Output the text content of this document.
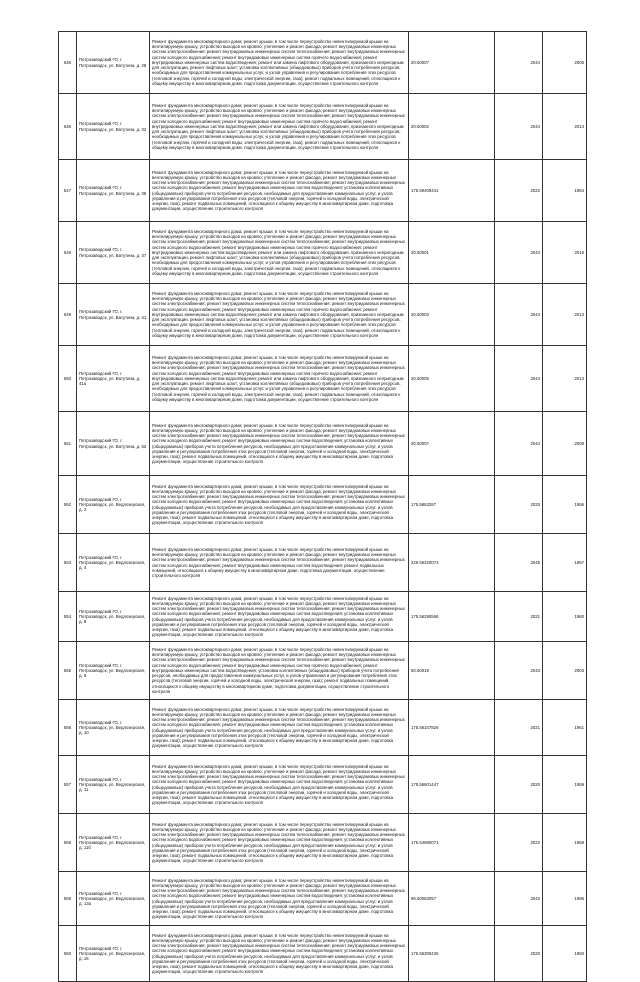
546	Петрозаводский ГО, г. Петрозаводск, ул. Ватутина, д. 28	Ремонт фундамента многоквартирного дома; ремонт крыши, в том числе переустройство невентилируемой крыши на вентилируемую крышу, устройство выходов на кровлю; утепление и ремонт фасада; ремонт внутридомовых инженерных систем электроснабжения; ремонт внутридомовых инженерных систем теплоснабжения; ремонт внутридомовых инженерных систем холодного водоснабжения; ремонт внутридомовых инженерных систем горячего водоснабжения; ремонт внутридомовых инженерных систем водоотведения; ремонт или замена лифтового оборудования, признанного непригодным для эксплуатации, ремонт лифтовых шахт; установка коллективных (общедомовых) приборов учета потребления ресурсов, необходимых для предоставления коммунальных услуг, и узлов управления и регулирования потребления этих ресурсов (тепловой энергии, горячей и холодной воды, электрической энергии, газа); ремонт подвальных помещений, относящихся к общему имуществу в многоквартирном доме, подготовка документации, осуществление строительного контроля	20.50007	2044	2005
546	Петрозаводский ГО, г. Петрозаводск, ул. Ватутина, д. 32	Ремонт фундамента многоквартирного дома; ремонт крыши, в том числе переустройство невентилируемой крыши на вентилируемую крышу, устройство выходов на кровлю; утепление и ремонт фасада; ремонт внутридомовых инженерных систем электроснабжения; ремонт внутридомовых инженерных систем теплоснабжения; ремонт внутридомовых инженерных систем холодного водоснабжения; ремонт внутридомовых инженерных систем горячего водоснабжения; ремонт внутридомовых инженерных систем водоотведения; ремонт или замена лифтового оборудования, признанного непригодным для эксплуатации, ремонт лифтовых шахт; установка коллективных (общедомовых) приборов учета потребления ресурсов, необходимых для предоставления коммунальных услуг, и узлов управления и регулирования потребления этих ресурсов (тепловой энергии, горячей и холодной воды, электрической энергии, газа); ремонт подвальных помещений, относящихся к общему имуществу в многоквартирном доме, подготовка документации, осуществление строительного контроля	20.50002	2044	2014
547	Петрозаводский ГО, г. Петрозаводск, ул. Ватутина, д. 35	Ремонт фундамента многоквартирного дома; ремонт крыши, в том числе переустройство невентилируемой крыши на вентилируемую крышу, устройство выходов на кровлю; утепление и ремонт фасада; ремонт внутридомовых инженерных систем электроснабжения; ремонт внутридомовых инженерных систем теплоснабжения; ремонт внутридомовых инженерных систем холодного водоснабжения; ремонт внутридомовых инженерных систем водоотведения; установка коллективных (общедомовых) приборов учета потребления ресурсов, необходимых для предоставления коммунальных услуг, и узлов управления и регулирования потребления этих ресурсов (тепловой энергии, горячей и холодной воды, электрической энергии, газа); ремонт подвальных помещений, относящихся к общему имуществу в многоквартирном доме, подготовка документации, осуществление строительного контроля	175.59409441	2022	1964
548	Петрозаводский ГО, г. Петрозаводск, ул. Ватутина, д. 37	Ремонт фундамента многоквартирного дома; ремонт крыши, в том числе переустройство невентилируемой крыши на вентилируемую крышу, устройство выходов на кровлю; утепление и ремонт фасада; ремонт внутридомовых инженерных систем электроснабжения; ремонт внутридомовых инженерных систем теплоснабжения; ремонт внутридомовых инженерных систем холодного водоснабжения; ремонт внутридомовых инженерных систем горячего водоснабжения; ремонт внутридомовых инженерных систем водоотведения; ремонт или замена лифтового оборудования, признанного непригодным для эксплуатации, ремонт лифтовых шахт; установка коллективных (общедомовых) приборов учета потребления ресурсов, необходимых для предоставления коммунальных услуг, и узлов управления и регулирования потребления этих ресурсов (тепловой энергии, горячей и холодной воды, электрической энергии, газа); ремонт подвальных помещений, относящихся к общему имуществу в многоквартирном доме, подготовка документации, осуществление строительного контроля	20.50001	2044	2015
549	Петрозаводский ГО, г. Петрозаводск, ул. Ватутина, д. 41	Ремонт фундамента многоквартирного дома; ремонт крыши, в том числе переустройство невентилируемой крыши на вентилируемую крышу, устройство выходов на кровлю; утепление и ремонт фасада; ремонт внутридомовых инженерных систем электроснабжения; ремонт внутридомовых инженерных систем теплоснабжения; ремонт внутридомовых инженерных систем холодного водоснабжения; ремонт внутридомовых инженерных систем горячего водоснабжения; ремонт внутридомовых инженерных систем водоотведения; ремонт или замена лифтового оборудования, признанного непригодным для эксплуатации, ремонт лифтовых шахт; установка коллективных (общедомовых) приборов учета потребления ресурсов, необходимых для предоставления коммунальных услуг, и узлов управления и регулирования потребления этих ресурсов (тепловой энергии, горячей и холодной воды, электрической энергии, газа); ремонт подвальных помещений, относящихся к общему имуществу в многоквартирном доме, подготовка документации, осуществление строительного контроля	20.50003	2044	2013
550	Петрозаводский ГО, г. Петрозаводск, ул. Ватутина, д. 41а	Ремонт фундамента многоквартирного дома; ремонт крыши, в том числе переустройство невентилируемой крыши на вентилируемую крышу, устройство выходов на кровлю; утепление и ремонт фасада; ремонт внутридомовых инженерных систем электроснабжения; ремонт внутридомовых инженерных систем теплоснабжения; ремонт внутридомовых инженерных систем холодного водоснабжения; ремонт внутридомовых инженерных систем горячего водоснабжения; ремонт внутридомовых инженерных систем водоотведения; ремонт или замена лифтового оборудования, признанного непригодным для эксплуатации, ремонт лифтовых шахт; установка коллективных (общедомовых) приборов учета потребления ресурсов, необходимых для предоставления коммунальных услуг, и узлов управления и регулирования потребления этих ресурсов (тепловой энергии, горячей и холодной воды, электрической энергии, газа); ремонт подвальных помещений, относящихся к общему имуществу в многоквартирном доме, подготовка документации, осуществление строительного контроля	20.50005	2044	2013
551	Петрозаводский ГО, г. Петрозаводск, ул. Ватутина, д. 52	Ремонт фундамента многоквартирного дома; ремонт крыши, в том числе переустройство невентилируемой крыши на вентилируемую крышу, устройство выходов на кровлю; утепление и ремонт фасада; ремонт внутридомовых инженерных систем электроснабжения; ремонт внутридомовых инженерных систем теплоснабжения; ремонт внутридомовых инженерных систем холодного водоснабжения; ремонт внутридомовых инженерных систем водоотведения; установка коллективных (общедомовых) приборов учета потребления ресурсов, необходимых для предоставления коммунальных услуг, и узлов управления и регулирования потребления этих ресурсов (тепловой энергии, горячей и холодной воды, электрической энергии, газа); ремонт подвальных помещений, относящихся к общему имуществу в многоквартирном доме, подготовка документации, осуществление строительного контроля	20.50007	2044	2009
552	Петрозаводский ГО, г. Петрозаводск, ул. Ведлозерская, д. 2	Ремонт фундамента многоквартирного дома; ремонт крыши, в том числе переустройство невентилируемой крыши на вентилируемую крышу, устройство выходов на кровлю; утепление и ремонт фасада; ремонт внутридомовых инженерных систем электроснабжения; ремонт внутридомовых инженерных систем теплоснабжения; ремонт внутридомовых инженерных систем холодного водоснабжения; ремонт внутридомовых инженерных систем водоотведения; установка коллективных (общедомовых) приборов учета потребления ресурсов, необходимых для предоставления коммунальных услуг, и узлов управления и регулирования потребления этих ресурсов (тепловой энергии, горячей и холодной воды, электрической энергии, газа); ремонт подвальных помещений, относящихся к общему имуществу в многоквартирном доме, подготовка документации, осуществление строительного контроля	175.5953287	2033	1956
553	Петрозаводский ГО, г. Петрозаводск, ул. Ведлозерская, д. 4	Ремонт фундамента многоквартирного дома; ремонт крыши, в том числе переустройство невентилируемой крыши на вентилируемую крышу, устройство выходов на кровлю; утепление и ремонт фасада; ремонт внутридомовых инженерных систем электроснабжения; ремонт внутридомовых инженерных систем теплоснабжения; ремонт внутридомовых инженерных систем холодного водоснабжения; ремонт внутридомовых инженерных систем водоотведения; ремонт подвальных помещений, относящихся к общему имуществу в многоквартирном доме, подготовка документации, осуществление строительного контроля	229.55320073	2045	1957
554	Петрозаводский ГО, г. Петрозаводск, ул. Ведлозерская, д. 8	Ремонт фундамента многоквартирного дома; ремонт крыши, в том числе переустройство невентилируемой крыши на вентилируемую крышу, устройство выходов на кровлю; утепление и ремонт фасада; ремонт внутридомовых инженерных систем электроснабжения; ремонт внутридомовых инженерных систем теплоснабжения; ремонт внутридомовых инженерных систем холодного водоснабжения; ремонт внутридомовых инженерных систем водоотведения; установка коллективных (общедомовых) приборов учета потребления ресурсов, необходимых для предоставления коммунальных услуг, и узлов управления и регулирования потребления этих ресурсов (тепловой энергии, горячей и холодной воды, электрической энергии, газа); ремонт подвальных помещений, относящихся к общему имуществу в многоквартирном доме, подготовка документации, осуществление строительного контроля	175.56290558	2021	1960
555	Петрозаводский ГО, г. Петрозаводск, ул. Ведлозерская, д. 9	Ремонт фундамента многоквартирного дома; ремонт крыши, в том числе переустройство невентилируемой крыши на вентилируемую крышу, устройство выходов на кровлю; утепление и ремонт фасада; ремонт внутридомовых инженерных систем электроснабжения; ремонт внутридомовых инженерных систем теплоснабжения; ремонт внутридомовых инженерных систем холодного водоснабжения; ремонт внутридомовых инженерных систем горячего водоснабжения; ремонт внутридомовых инженерных систем водоотведения; установка коллективных (общедомовых) приборов учета потребления ресурсов, необходимых для предоставления коммунальных услуг, и узлов управления и регулирования потребления этих ресурсов (тепловой энергии, горячей и холодной воды, электрической энергии, газа); ремонт подвальных помещений, относящихся к общему имуществу в многоквартирном доме, подготовка документации, осуществление строительного контроля	50.60019	2043	2003
556	Петрозаводский ГО, г. Петрозаводск, ул. Ведлозерская, д. 10	Ремонт фундамента многоквартирного дома; ремонт крыши, в том числе переустройство невентилируемой крыши на вентилируемую крышу, устройство выходов на кровлю; утепление и ремонт фасада; ремонт внутридомовых инженерных систем электроснабжения; ремонт внутридомовых инженерных систем теплоснабжения; ремонт внутридомовых инженерных систем холодного водоснабжения; ремонт внутридомовых инженерных систем водоотведения; установка коллективных (общедомовых) приборов учета потребления ресурсов, необходимых для предоставления коммунальных услуг, и узлов управления и регулирования потребления этих ресурсов (тепловой энергии, горячей и холодной воды, электрической энергии, газа); ремонт подвальных помещений, относящихся к общему имуществу в многоквартирном доме, подготовка документации, осуществление строительного контроля	175.56107826	2021	1961
557	Петрозаводский ГО, г. Петрозаводск, ул. Ведлозерская, д. 11	Ремонт фундамента многоквартирного дома; ремонт крыши, в том числе переустройство невентилируемой крыши на вентилируемую крышу, устройство выходов на кровлю; утепление и ремонт фасада; ремонт внутридомовых инженерных систем электроснабжения; ремонт внутридомовых инженерных систем теплоснабжения; ремонт внутридомовых инженерных систем холодного водоснабжения; ремонт внутридомовых инженерных систем водоотведения; установка коллективных (общедомовых) приборов учета потребления ресурсов, необходимых для предоставления коммунальных услуг, и узлов управления и регулирования потребления этих ресурсов (тепловой энергии, горячей и холодной воды, электрической энергии, газа); ремонт подвальных помещений, относящихся к общему имуществу в многоквартирном доме, подготовка документации, осуществление строительного контроля	175.55601447	2020	1959
558	Петрозаводский ГО, г. Петрозаводск, ул. Ведлозерская, д. 11б	Ремонт фундамента многоквартирного дома; ремонт крыши, в том числе переустройство невентилируемой крыши на вентилируемую крышу, устройство выходов на кровлю; утепление и ремонт фасада; ремонт внутридомовых инженерных систем электроснабжения; ремонт внутридомовых инженерных систем теплоснабжения; ремонт внутридомовых инженерных систем холодного водоснабжения; ремонт внутридомовых инженерных систем водоотведения; установка коллективных (общедомовых) приборов учета потребления ресурсов, необходимых для предоставления коммунальных услуг, и узлов управления и регулирования потребления этих ресурсов (тепловой энергии, горячей и холодной воды, электрической энергии, газа); ремонт подвальных помещений, относящихся к общему имуществу в многоквартирном доме, подготовка документации, осуществление строительного контроля	175.54680071	2022	1959
559	Петрозаводский ГО, г. Петрозаводск, ул. Ведлозерская, д. 13а	Ремонт фундамента многоквартирного дома; ремонт крыши, в том числе переустройство невентилируемой крыши на вентилируемую крышу, устройство выходов на кровлю; утепление и ремонт фасада; ремонт внутридомовых инженерных систем электроснабжения; ремонт внутридомовых инженерных систем теплоснабжения; ремонт внутридомовых инженерных систем холодного водоснабжения; ремонт внутридомовых инженерных систем водоотведения; установка коллективных (общедомовых) приборов учета потребления ресурсов, необходимых для предоставления коммунальных услуг, и узлов управления и регулирования потребления этих ресурсов (тепловой энергии, горячей и холодной воды, электрической энергии, газа); ремонт подвальных помещений, относящихся к общему имуществу в многоквартирном доме, подготовка документации, осуществление строительного контроля	96.50063057	2042	1996
560	Петрозаводский ГО, г. Петрозаводск, ул. Ведлозерская, д. 16	Ремонт фундамента многоквартирного дома; ремонт крыши, в том числе переустройство невентилируемой крыши на вентилируемую крышу, устройство выходов на кровлю; утепление и ремонт фасада; ремонт внутридомовых инженерных систем электроснабжения; ремонт внутридомовых инженерных систем теплоснабжения; ремонт внутридомовых инженерных систем холодного водоснабжения; ремонт внутридомовых инженерных систем водоотведения; установка коллективных (общедомовых) приборов учета потребления ресурсов, необходимых для предоставления коммунальных услуг, и узлов управления и регулирования потребления этих ресурсов (тепловой энергии, горячей и холодной воды, электрической энергии, газа); ремонт подвальных помещений, относящихся к общему имуществу в многоквартирном доме, подготовка документации, осуществление строительного контроля	175.55300426	2020	1960
